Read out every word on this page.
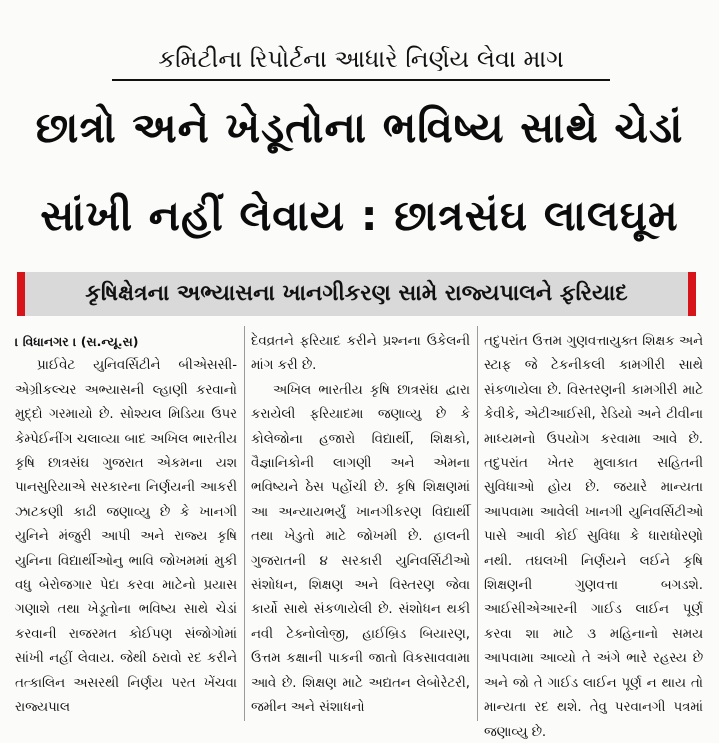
કમિટીના રિપોર્ટના આધારે નિર્ણય લેવા માગ
છાત્રો અને ખેડૂતોના ભવિષ્ય સાથે ચેડાં
સાંખી નહીં લેવાય : છાત્રસંઘ લાલઘૂમ
કૃષિક્ષેત્રના અભ્યાસના ખાનગીકરણ સામે રાજ્યપાલને ફરિયાદ
। વિધાનગર । (સ.ન્યૂ.સ)
પ્રાઈવેટ યુનિવર્સિટીને બીએસસી-એગ્રીકલ્ચર અભ્યાસની લ્હાણી કરવાનો મુદ્દો ગરમાયો છે. સોશ્યલ મિડિયા ઉપર કેમ્પેઈનીંગ ચલાવ્યા બાદ અખિલ ભારતીય કૃષિ છાત્રસંઘ ગુજરાત એકમના યશ પાનસુરિયાએ સરકારના નિર્ણયની આકરી ઝાટકણી કાઢી જણાવ્યુ છે કે ખાનગી યુનિને મંજુરી આપી અને રાજ્ય કૃષિ યુનિના વિદ્યાર્થીઓનુ ભાવિ જોખમમાં મુકી વધુ બેરોજગાર પેદા કરવા માટેનો પ્રયાસ ગણાશે તથા ખેડૂતોના ભવિષ્ય સાથે ચેડાં કરવાની રાજરમત કોઈપણ સંજોગોમાં સાંખી નહીં લેવાય. જેથી ઠરાવો રદ કરીને તત્કાલિન અસરથી નિર્ણય પરત ખેંચવા રાજ્યપાલ
દેવવ્રતને ફરિયાદ કરીને પ્રશ્નના ઉકેલની માંગ કરી છે.
અખિલ ભારતીય કૃષિ છાત્રસંઘ દ્વારા કરાયેલી ફરિયાદમા જણાવ્યુ છે કે કોલેજોના હજારો વિદ્યાર્થી, શિક્ષકો, વૈજ્ઞાનિકોની લાગણી અને એમના ભવિષ્યને ઠેસ પહોંચી છે. કૃષિ શિક્ષણમાં આ અન્યાયભર્યું ખાનગીકરણ વિદ્યાર્થી તથા ખેડુતો માટે જોખમી છે. હાલની ગુજરાતની ૪ સરકારી યુનિવર્સિટીઓ સંશોધન, શિક્ષણ અને વિસ્તરણ જેવા કાર્યો સાથે સંકળાયેલી છે. સંશોધન થકી નવી ટેક્નોલોજી, હાઈબ્રિડ બિયારણ, ઉત્તમ કક્ષાની પાકની જાતો વિકસાવવામા આવે છે. શિક્ષણ માટે અદ્યતન લેબોરેટરી, જમીન અને સંશાધનો
તદુપરાંત ઉત્તમ ગુણવત્તાયુક્ત શિક્ષક અને સ્ટાફ જે ટેકનીકલી કામગીરી સાથે સંકળાયેલા છે. વિસ્તરણની કામગીરી માટે કેવીકે, એટીઆઈસી, રેડિયો અને ટીવીના માધ્યમનો ઉપયોગ કરવામા આવે છે. તદુપરાંત ખેતર મુલાકાત સહિતની સુવિધાઓ હોય છે. જયારે માન્યતા આપવામા આવેલી ખાનગી યુનિવર્સિટીઓ પાસે આવી કોઈ સુવિધા કે ધારાધોરણો નથી. તઘલખી નિર્ણયને લઈને કૃષિ શિક્ષણની ગુણવત્તા બગડશે. આઈસીએઆરની ગાઈડ લાઈન પૂર્ણ કરવા શા માટે ૩ મહિનાનો સમય આપવામા આવ્યો તે અંગે ભારે રહસ્ય છે અને જો તે ગાઈડ લાઈન પૂર્ણ ન થાય તો માન્યતા રદ થશે. તેવુ પરવાનગી પત્રમાં જણાવ્યુ છે.
